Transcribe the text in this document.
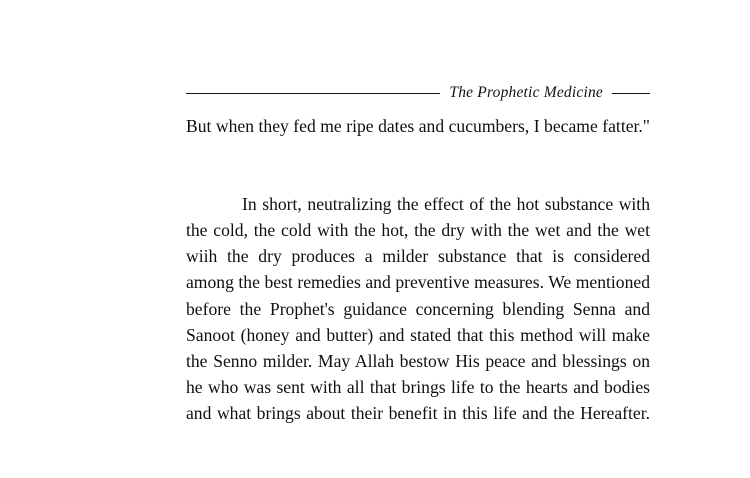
The Prophetic Medicine

But when they fed me ripe dates and cucumbers, I became fatter."

In short, neutralizing the effect of the hot substance with the cold, the cold with the hot, the dry with the wet and the wet wiih the dry produces a milder substance that is considered among the best remedies and preventive measures. We mentioned before the Prophet's guidance concerning blending Senna and Sanoot (honey and butter) and stated that this method will make the Senno milder. May Allah bestow His peace and blessings on he who was sent with all that brings life to the hearts and bodies and what brings about their benefit in this life and the Hereafter.
